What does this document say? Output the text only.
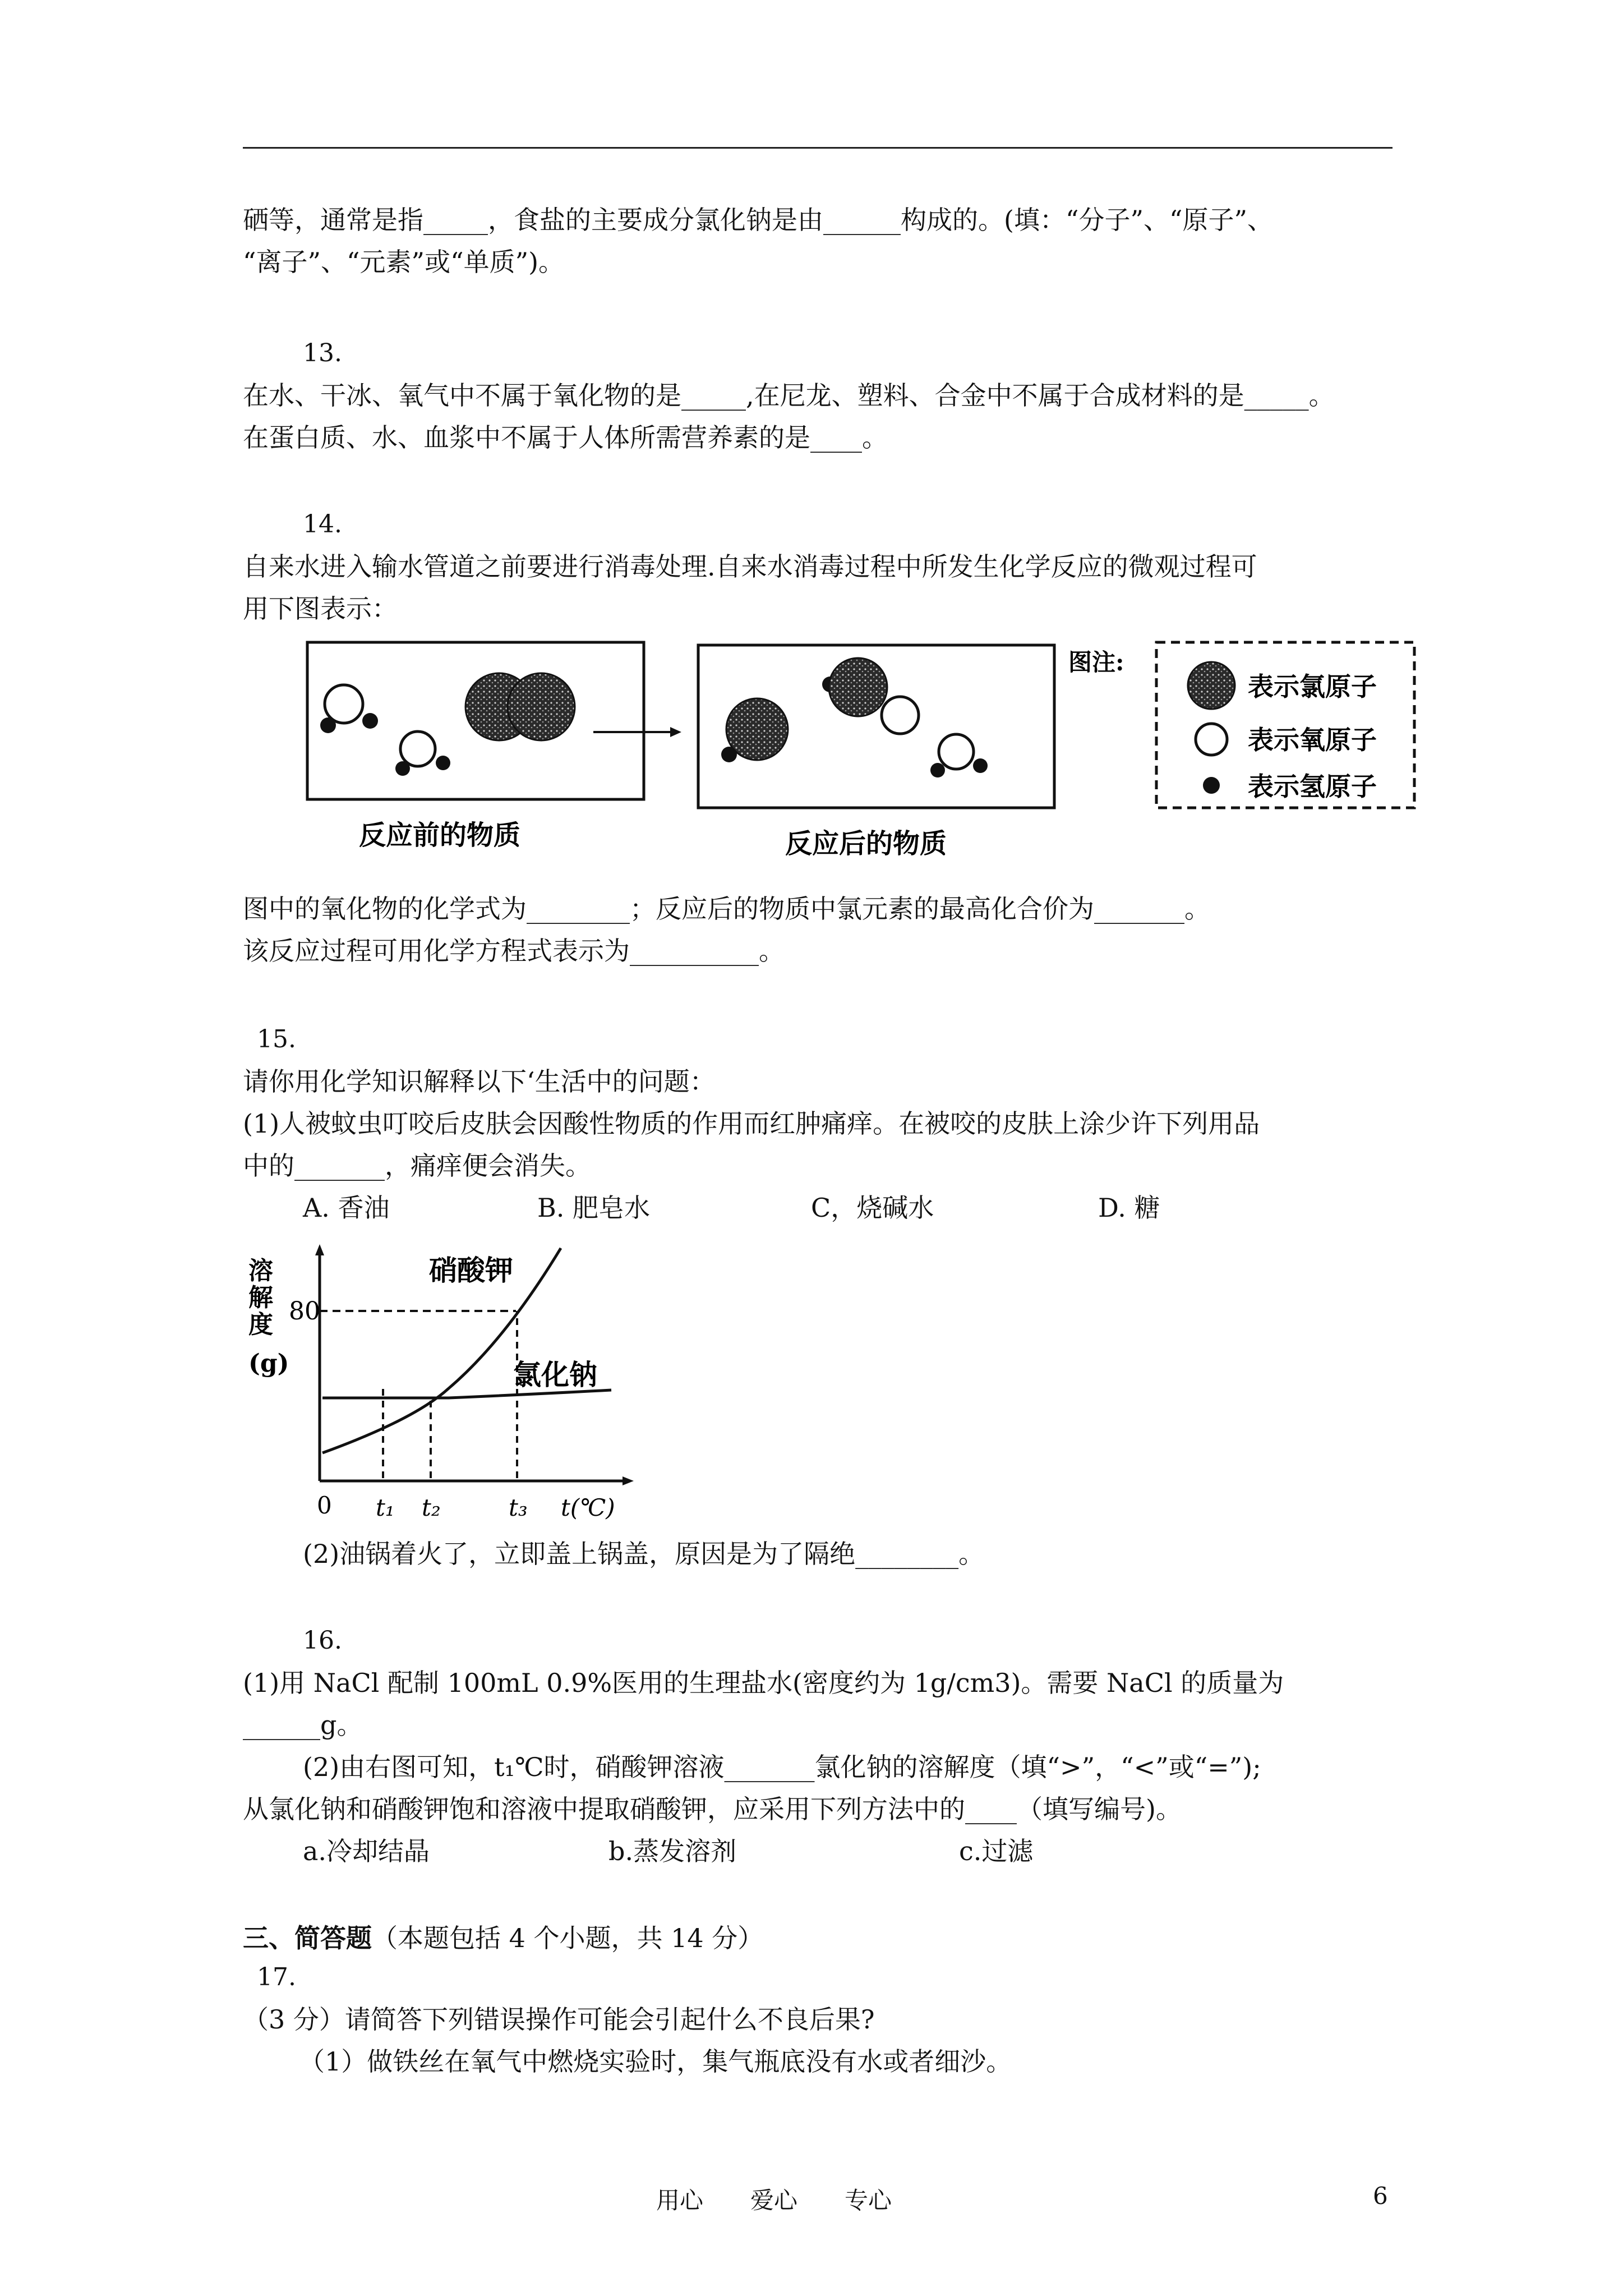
硒等，通常是指_____，食盐的主要成分氯化钠是由______构成的。(填：“分子”、“原子”、
“离子”、“元素”或“单质”)。
13.
在水、干冰、氧气中不属于氧化物的是_____,在尼龙、塑料、合金中不属于合成材料的是_____。
在蛋白质、水、血浆中不属于人体所需营养素的是____。
14.
自来水进入输水管道之前要进行消毒处理.自来水消毒过程中所发生化学反应的微观过程可
用下图表示：
图注:
表示氯原子
表示氧原子
表示氢原子
反应前的物质	反应后的物质
图中的氧化物的化学式为________；反应后的物质中氯元素的最高化合价为_______。
该反应过程可用化学方程式表示为__________。
15.
请你用化学知识解释以下‘生活中的问题：
(1)人被蚊虫叮咬后皮肤会因酸性物质的作用而红肿痛痒。在被咬的皮肤上涂少许下列用品
中的_______，痛痒便会消失。
A. 香油	B. 肥皂水	C，烧碱水	D. 糖
溶
解
度
(g)
80
硝酸钾
氯化钠
0 t₁ t₂	t₃ t(℃)
(2)油锅着火了，立即盖上锅盖，原因是为了隔绝________。
16.
(1)用 NaCl 配制 100mL 0.9%医用的生理盐水(密度约为 1g/cm3)。需要 NaCl 的质量为
______g。
(2)由右图可知，t₁℃时，硝酸钾溶液_______氯化钠的溶解度（填“>”，“<”或“=”);
从氯化钠和硝酸钾饱和溶液中提取硝酸钾，应采用下列方法中的____（填写编号)。
a.冷却结晶	b.蒸发溶剂	c.过滤
三、简答题（本题包括 4 个小题，共 14 分）
17.
（3 分）请简答下列错误操作可能会引起什么不良后果?
（1）做铁丝在氧气中燃烧实验时，集气瓶底没有水或者细沙。
用心　　爱心　　专心	6
